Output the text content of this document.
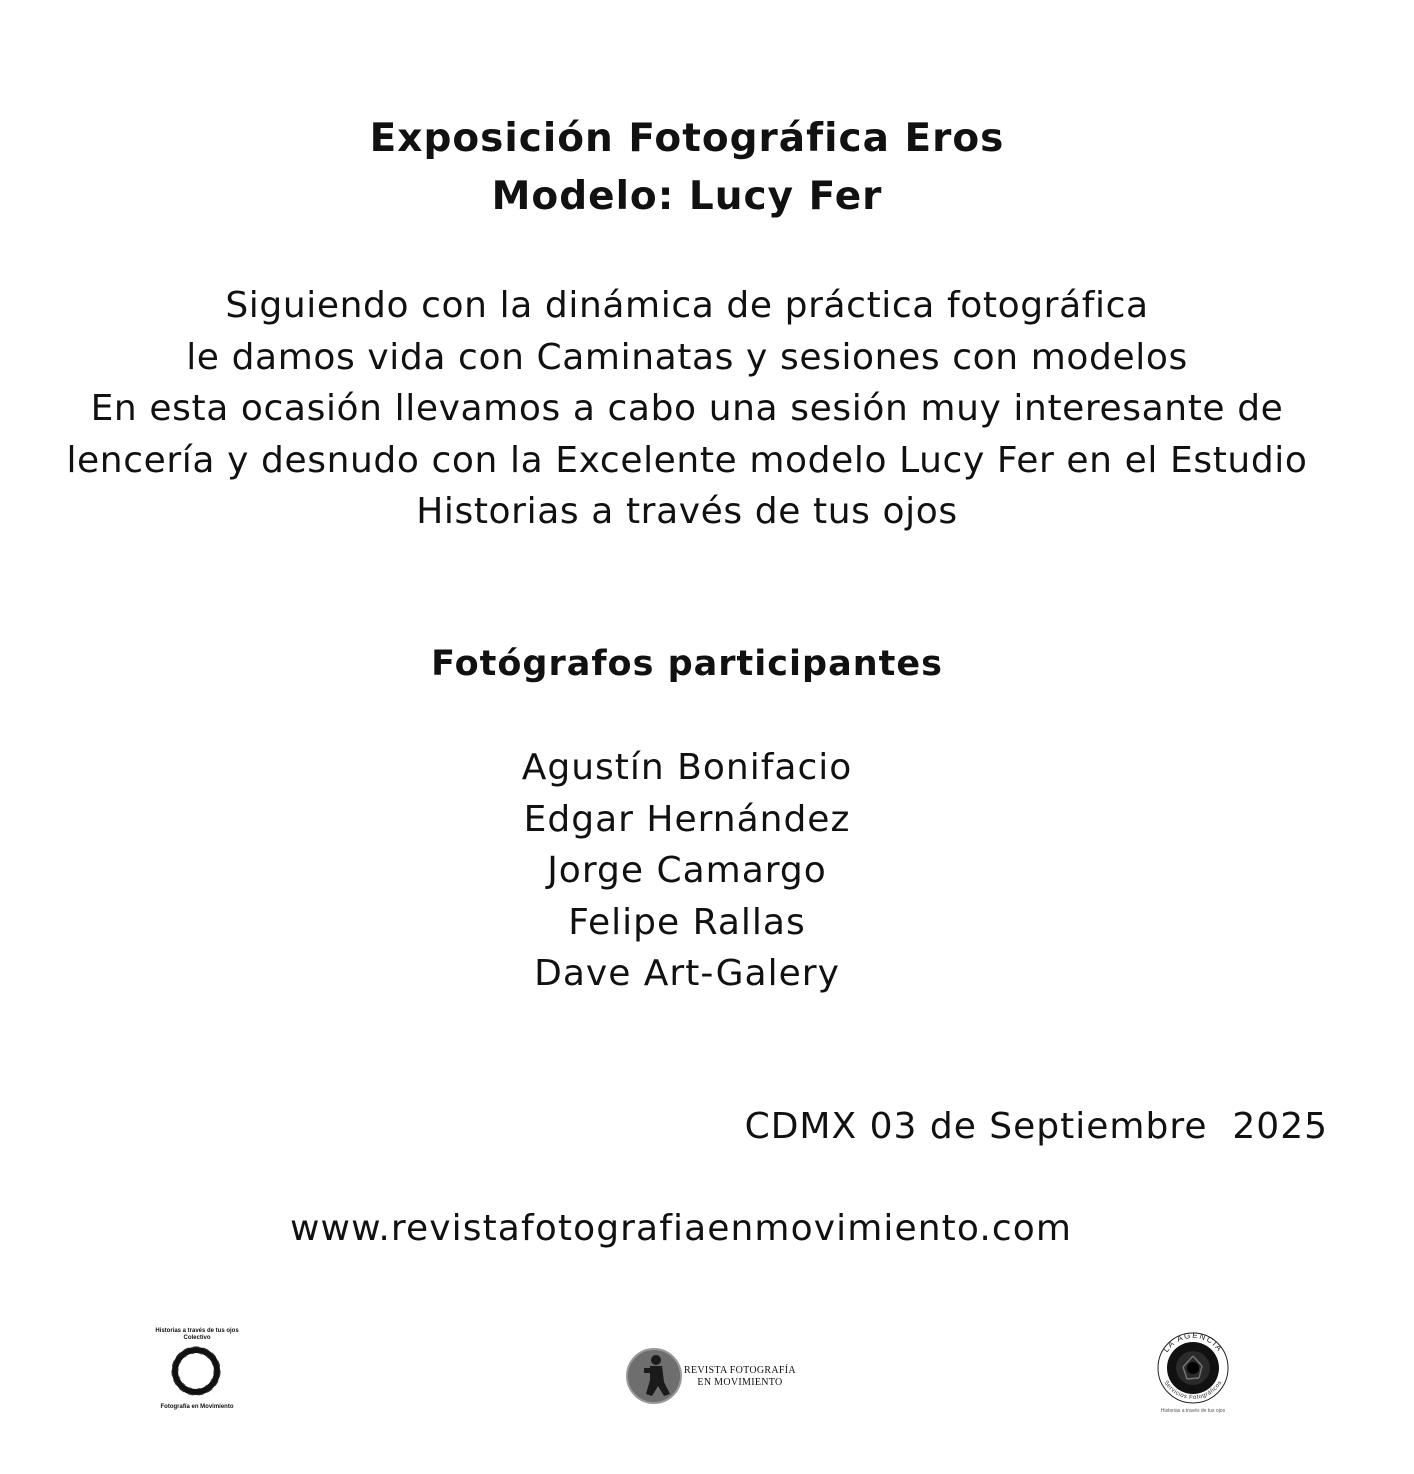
Exposición Fotográfica Eros
Modelo: Lucy Fer
Siguiendo con la dinámica de práctica fotográfica
le damos vida con Caminatas y sesiones con modelos
En esta ocasión llevamos a cabo una sesión muy interesante de
lencería y desnudo con la Excelente modelo Lucy Fer en el Estudio
Historias a través de tus ojos
Fotógrafos participantes
Agustín Bonifacio
Edgar Hernández
Jorge Camargo
Felipe Rallas
Dave Art-Galery
CDMX 03 de Septiembre  2025
www.revistafotografiaenmovimiento.com
Historias a través de tus ojos
Colectivo
Fotografía en Movimiento
REVISTA FOTOGRAFÍA
EN MOVIMIENTO
LA AGENCIA
Servicios Fotográficos
Historias a través de tus ojos
